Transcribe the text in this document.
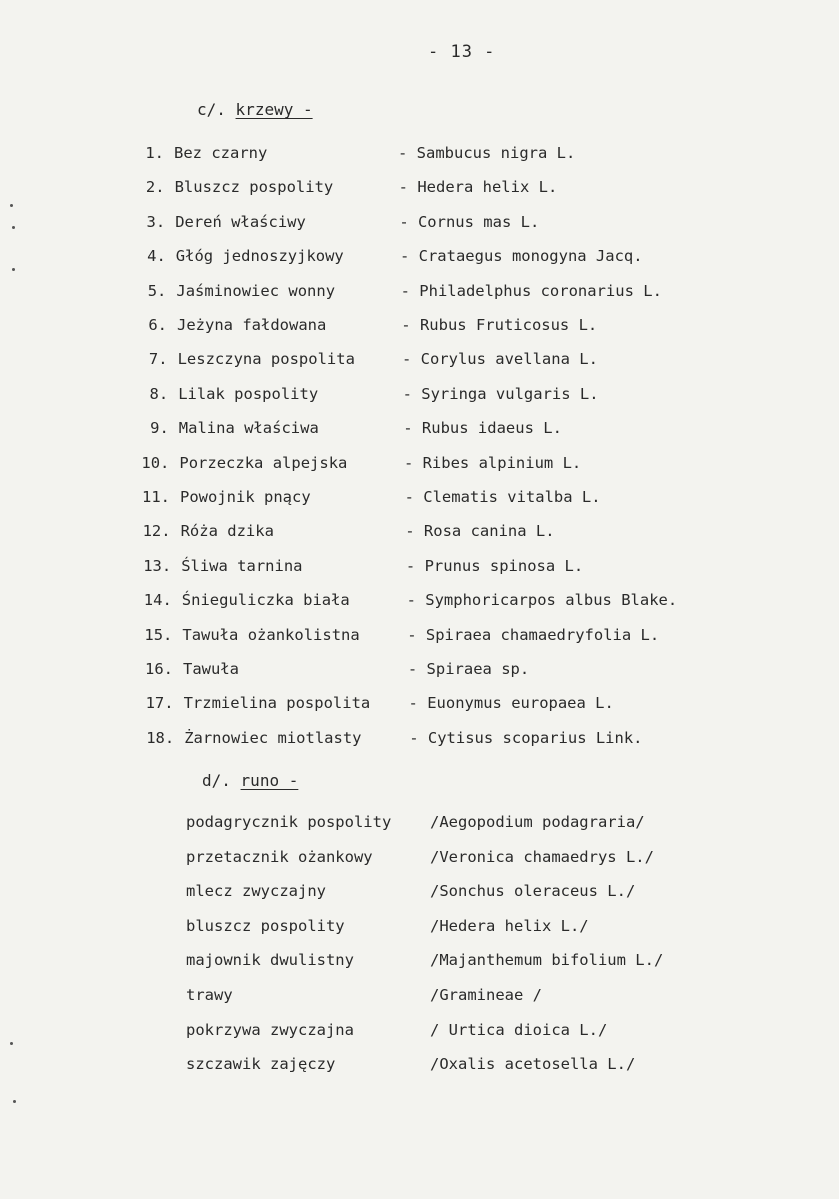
- 13 -
c/. krzewy -
1. Bez czarny	- Sambucus nigra L.
2. Bluszcz pospolity	- Hedera helix L.
3. Dereń właściwy	- Cornus mas L.
4. Głóg jednoszyjkowy	- Crataegus monogyna Jacq.
5. Jaśminowiec wonny	- Philadelphus coronarius L.
6. Jeżyna fałdowana	- Rubus Fruticosus L.
7. Leszczyna pospolita	- Corylus avellana L.
8. Lilak pospolity	- Syringa vulgaris L.
9. Malina właściwa	- Rubus idaeus L.
10. Porzeczka alpejska	- Ribes alpinium L.
11. Powojnik pnący	- Clematis vitalba L.
12. Róża dzika	- Rosa canina L.
13. Śliwa tarnina	- Prunus spinosa L.
14. Śnieguliczka biała	- Symphoricarpos albus Blake.
15. Tawuła ożankolistna	- Spiraea chamaedryfolia L.
16. Tawuła	- Spiraea sp.
17. Trzmielina pospolita - Euonymus europaea L.
18. Żarnowiec miotlasty	- Cytisus scoparius Link.
d/. runo -
podagrycznik pospolity /Aegopodium podagraria/
przetacznik ożankowy	/Veronica chamaedrys L./
mlecz zwyczajny	/Sonchus oleraceus L./
bluszcz pospolity	/Hedera helix L./
majownik dwulistny	/Majanthemum bifolium L./
trawy	/Gramineae /
pokrzywa zwyczajna	/ Urtica dioica L./
szczawik zajęczy	/Oxalis acetosella L./
